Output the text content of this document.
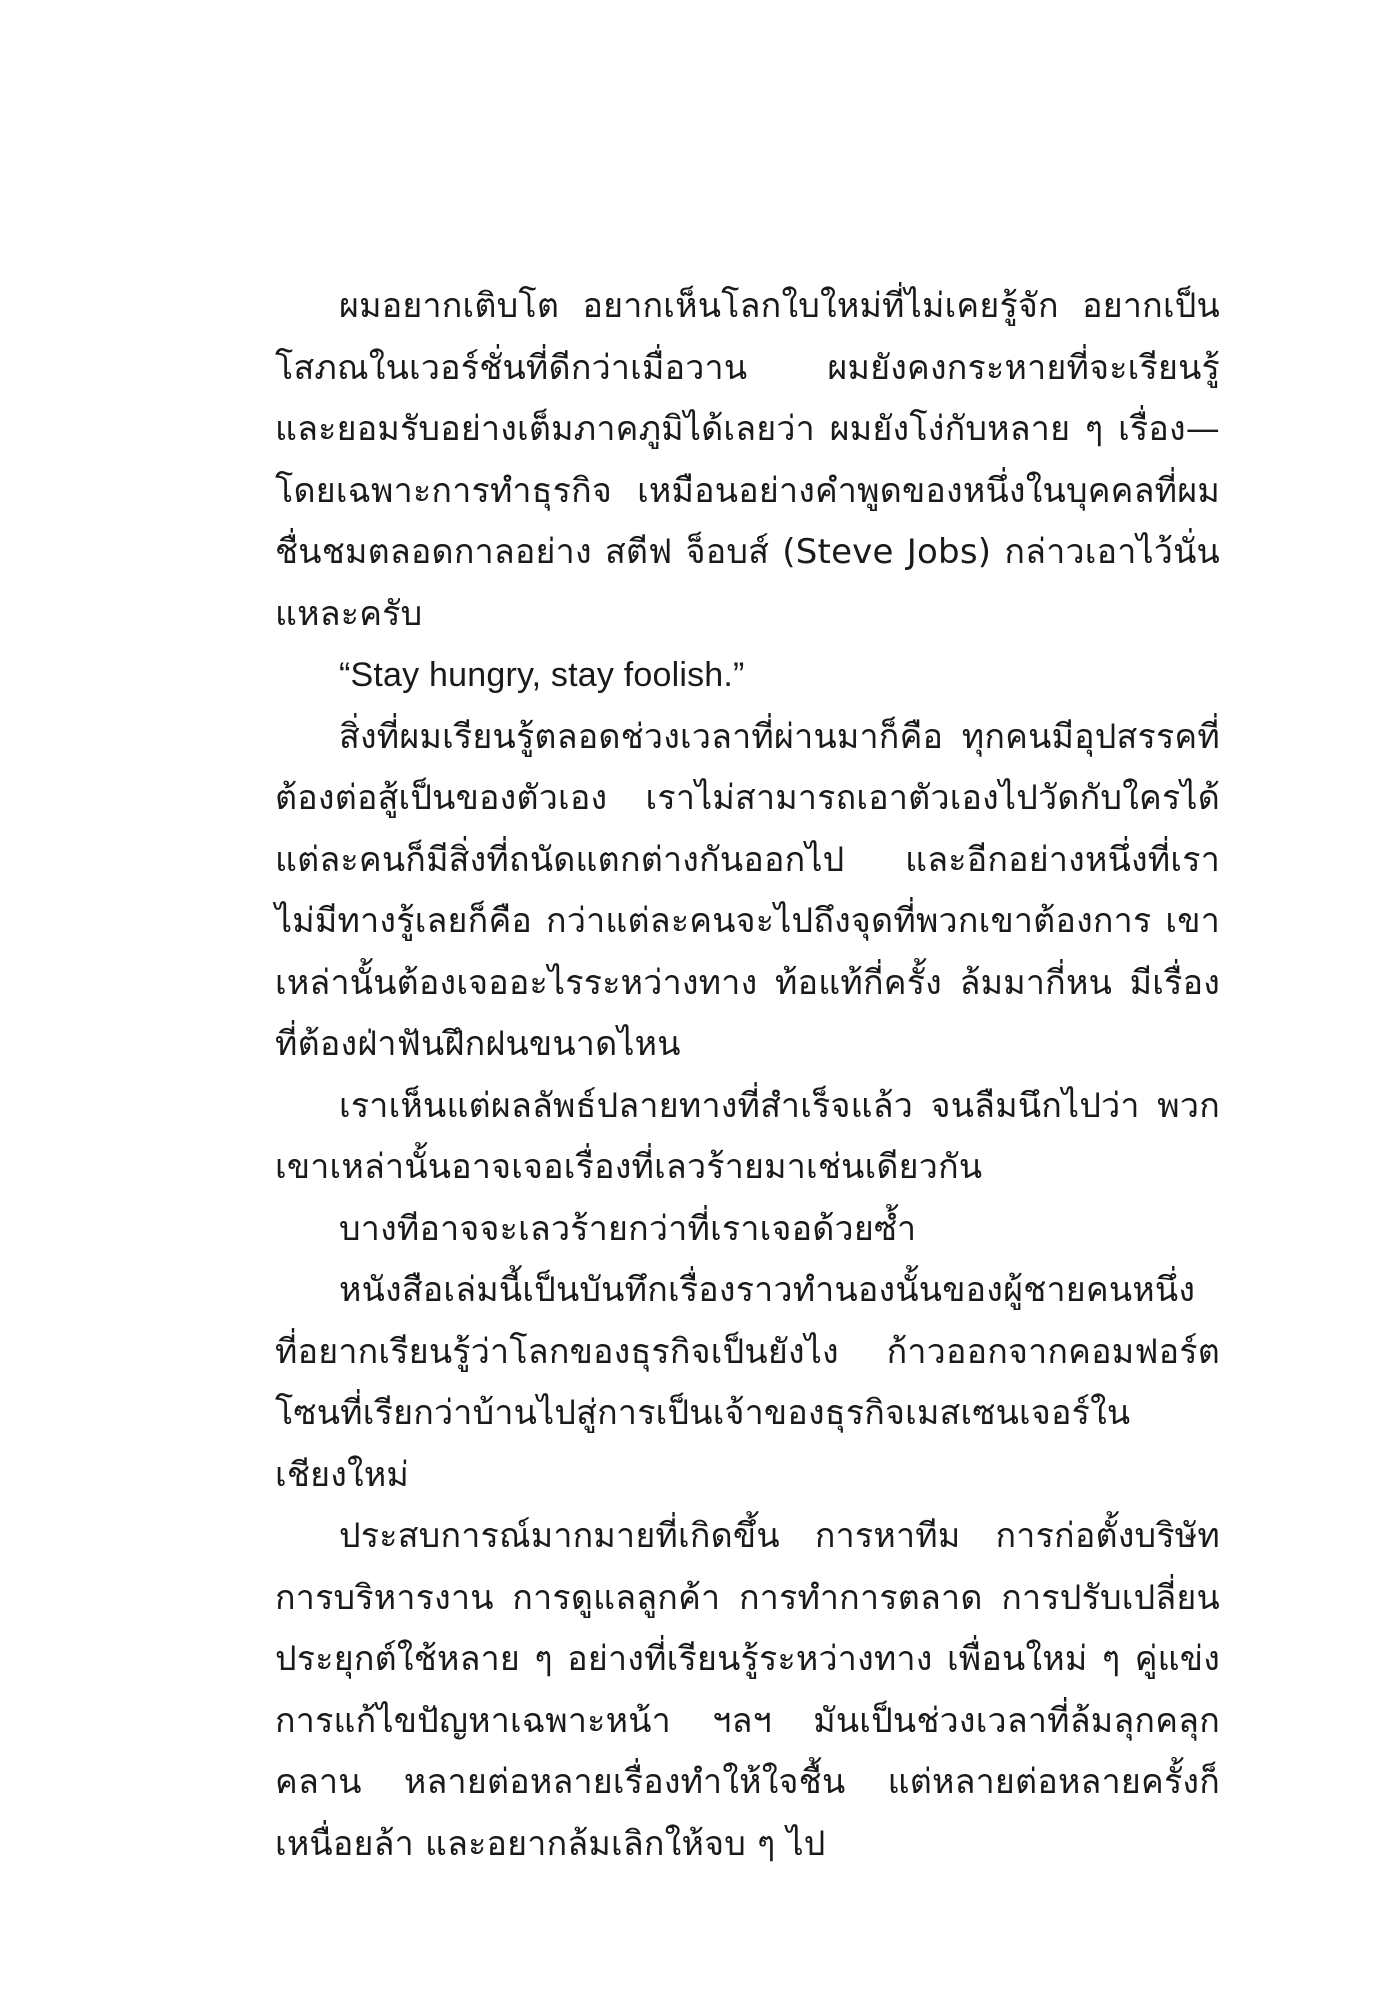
ผมอยากเติบโต อยากเห็นโลกใบใหม่ที่ไม่เคยรู้จัก อยากเป็นโสภณในเวอร์ชั่นที่ดีกว่าเมื่อวาน ผมยังคงกระหายที่จะเรียนรู้ และยอมรับอย่างเต็มภาคภูมิได้เลยว่า ผมยังโง่กับหลาย ๆ เรื่อง—โดยเฉพาะการทำธุรกิจ เหมือนอย่างคำพูดของหนึ่งในบุคคลที่ผมชื่นชมตลอดกาลอย่าง สตีฟ จ็อบส์ (Steve Jobs) กล่าวเอาไว้นั่นแหละครับ

“Stay hungry, stay foolish.”

สิ่งที่ผมเรียนรู้ตลอดช่วงเวลาที่ผ่านมาก็คือ ทุกคนมีอุปสรรคที่ต้องต่อสู้เป็นของตัวเอง เราไม่สามารถเอาตัวเองไปวัดกับใครได้ แต่ละคนก็มีสิ่งที่ถนัดแตกต่างกันออกไป และอีกอย่างหนึ่งที่เราไม่มีทางรู้เลยก็คือ กว่าแต่ละคนจะไปถึงจุดที่พวกเขาต้องการ เขาเหล่านั้นต้องเจออะไรระหว่างทาง ท้อแท้กี่ครั้ง ล้มมากี่หน มีเรื่องที่ต้องฝ่าฟันฝึกฝนขนาดไหน

เราเห็นแต่ผลลัพธ์ปลายทางที่สำเร็จแล้ว จนลืมนึกไปว่า พวกเขาเหล่านั้นอาจเจอเรื่องที่เลวร้ายมาเช่นเดียวกัน

บางทีอาจจะเลวร้ายกว่าที่เราเจอด้วยซ้ำ

หนังสือเล่มนี้เป็นบันทึกเรื่องราวทำนองนั้นของผู้ชายคนหนึ่ง ที่อยากเรียนรู้ว่าโลกของธุรกิจเป็นยังไง ก้าวออกจากคอมฟอร์ตโซนที่เรียกว่าบ้านไปสู่การเป็นเจ้าของธุรกิจเมสเซนเจอร์ในเชียงใหม่

ประสบการณ์มากมายที่เกิดขึ้น การหาทีม การก่อตั้งบริษัท การบริหารงาน การดูแลลูกค้า การทำการตลาด การปรับเปลี่ยน ประยุกต์ใช้หลาย ๆ อย่างที่เรียนรู้ระหว่างทาง เพื่อนใหม่ ๆ คู่แข่ง การแก้ไขปัญหาเฉพาะหน้า ฯลฯ มันเป็นช่วงเวลาที่ล้มลุกคลุกคลาน หลายต่อหลายเรื่องทำให้ใจชื้น แต่หลายต่อหลายครั้งก็เหนื่อยล้า และอยากล้มเลิกให้จบ ๆ ไป
